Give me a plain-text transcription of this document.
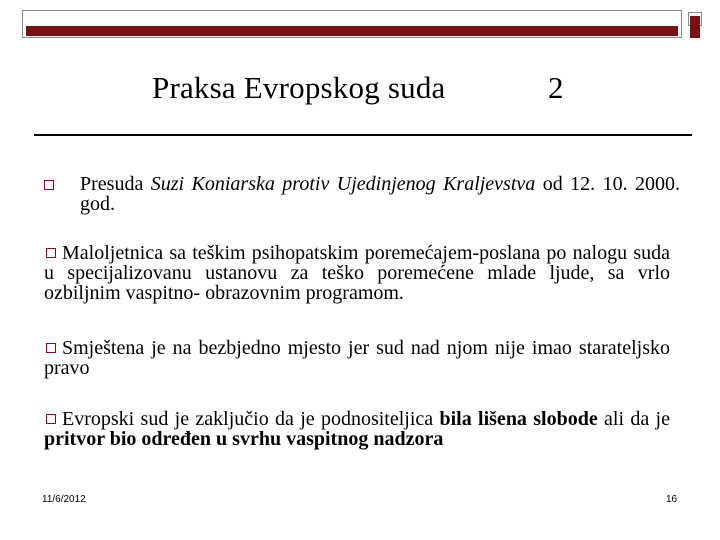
Praksa Evropskog suda	2
Presuda Suzi Koniarska protiv Ujedinjenog Kraljevstva od 12. 10. 2000. god.
Maloljetnica sa teškim psihopatskim poremećajem-poslana po nalogu suda u specijalizovanu ustanovu za teško poremećene mlade ljude, sa vrlo ozbiljnim vaspitno- obrazovnim programom.
Smještena je na bezbjedno mjesto jer sud nad njom nije imao starateljsko pravo
Evropski sud je zaključio da je podnositeljica bila lišena slobode ali da je pritvor bio određen u svrhu vaspitnog nadzora
11/6/2012	16
